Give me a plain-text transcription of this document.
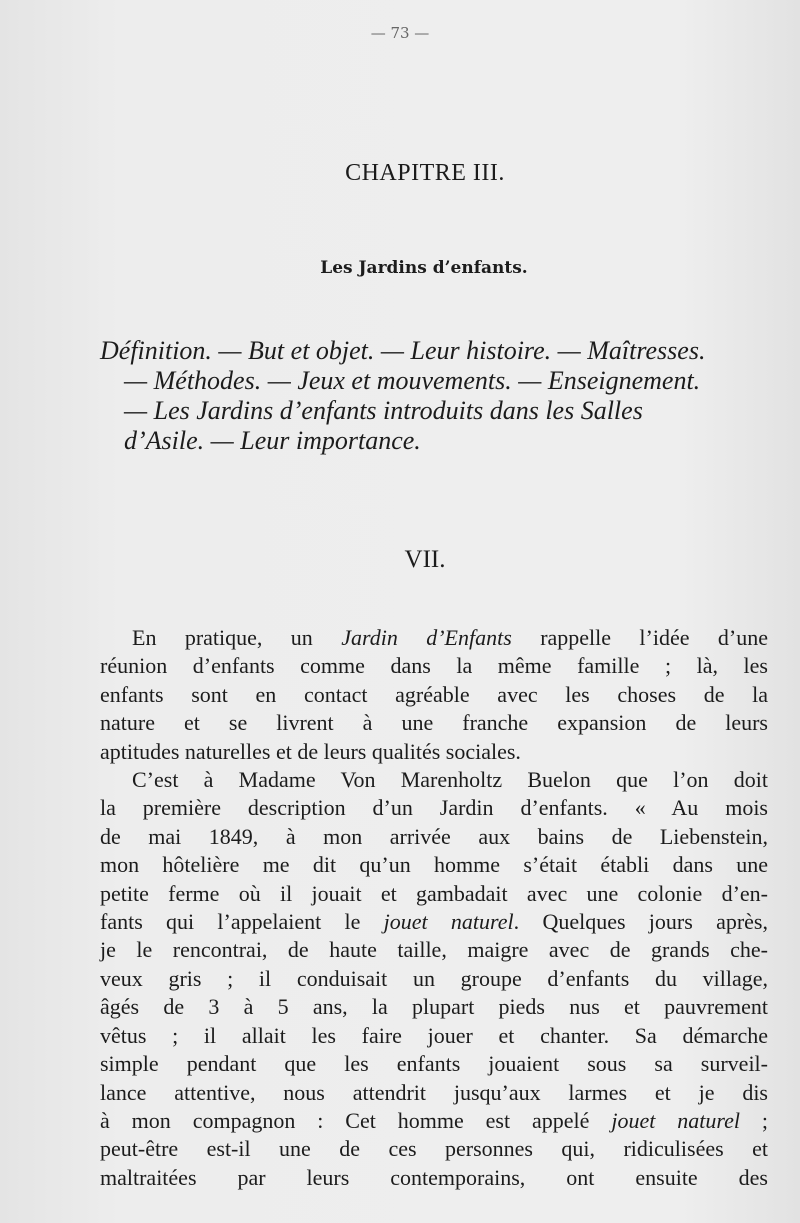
— 73 —
CHAPITRE III.
Les Jardins d’enfants.
Définition. — But et objet. — Leur histoire. — Maîtresses.
— Méthodes. — Jeux et mouvements. — Enseignement.
— Les Jardins d’enfants introduits dans les Salles
d’Asile. — Leur importance.
VII.
En pratique, un Jardin d’Enfants rappelle l’idée d’une
réunion d’enfants comme dans la même famille ; là, les
enfants sont en contact agréable avec les choses de la
nature et se livrent à une franche expansion de leurs
aptitudes naturelles et de leurs qualités sociales.
C’est à Madame Von Marenholtz Buelon que l’on doit
la première description d’un Jardin d’enfants. « Au mois
de mai 1849, à mon arrivée aux bains de Liebenstein,
mon hôtelière me dit qu’un homme s’était établi dans une
petite ferme où il jouait et gambadait avec une colonie d’en-
fants qui l’appelaient le jouet naturel. Quelques jours après,
je le rencontrai, de haute taille, maigre avec de grands che-
veux gris ; il conduisait un groupe d’enfants du village,
âgés de 3 à 5 ans, la plupart pieds nus et pauvrement
vêtus ; il allait les faire jouer et chanter. Sa démarche
simple pendant que les enfants jouaient sous sa surveil-
lance attentive, nous attendrit jusqu’aux larmes et je dis
à mon compagnon : Cet homme est appelé jouet naturel ;
peut-être est-il une de ces personnes qui, ridiculisées et
maltraitées par leurs contemporains, ont ensuite des
